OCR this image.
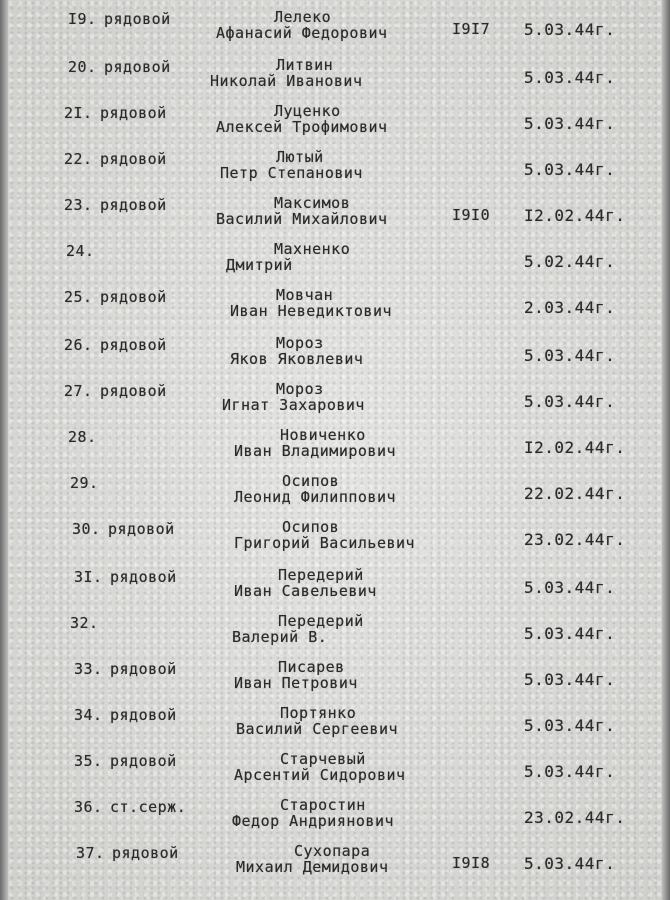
I9. рядовой	Лелеко
Афанасий Федорович	I9I7 5.03.44г.
20. рядовой	Литвин
Николай Иванович	5.03.44г.
2I. рядовой	Луценко
Алексей Трофимович	5.03.44г.
22. рядовой	Лютый
Петр Степанович	5.03.44г.
23. рядовой	Максимов
Василий Михайлович	I9I0 I2.02.44г.
24.	Махненко
Дмитрий	5.02.44г.
25. рядовой	Мовчан
Иван Неведиктович	2.03.44г.
26. рядовой	Мороз
Яков Яковлевич	5.03.44г.
27. рядовой	Мороз
Игнат Захарович	5.03.44г.
28.	Новиченко
Иван Владимирович	I2.02.44г.
29.	Осипов
Леонид Филиппович	22.02.44г.
30. рядовой	Осипов
Григорий Васильевич	23.02.44г.
3I. рядовой	Передерий
Иван Савельевич	5.03.44г.
32.	Передерий
Валерий В.	5.03.44г.
33. рядовой	Писарев
Иван Петрович	5.03.44г.
34. рядовой	Портянко
Василий Сергеевич	5.03.44г.
35. рядовой	Старчевый
Арсентий Сидорович	5.03.44г.
36. ст.серж.	Старостин
Федор Андриянович	23.02.44г.
37. рядовой	Сухопара
Михаил Демидович	I9I8 5.03.44г.
